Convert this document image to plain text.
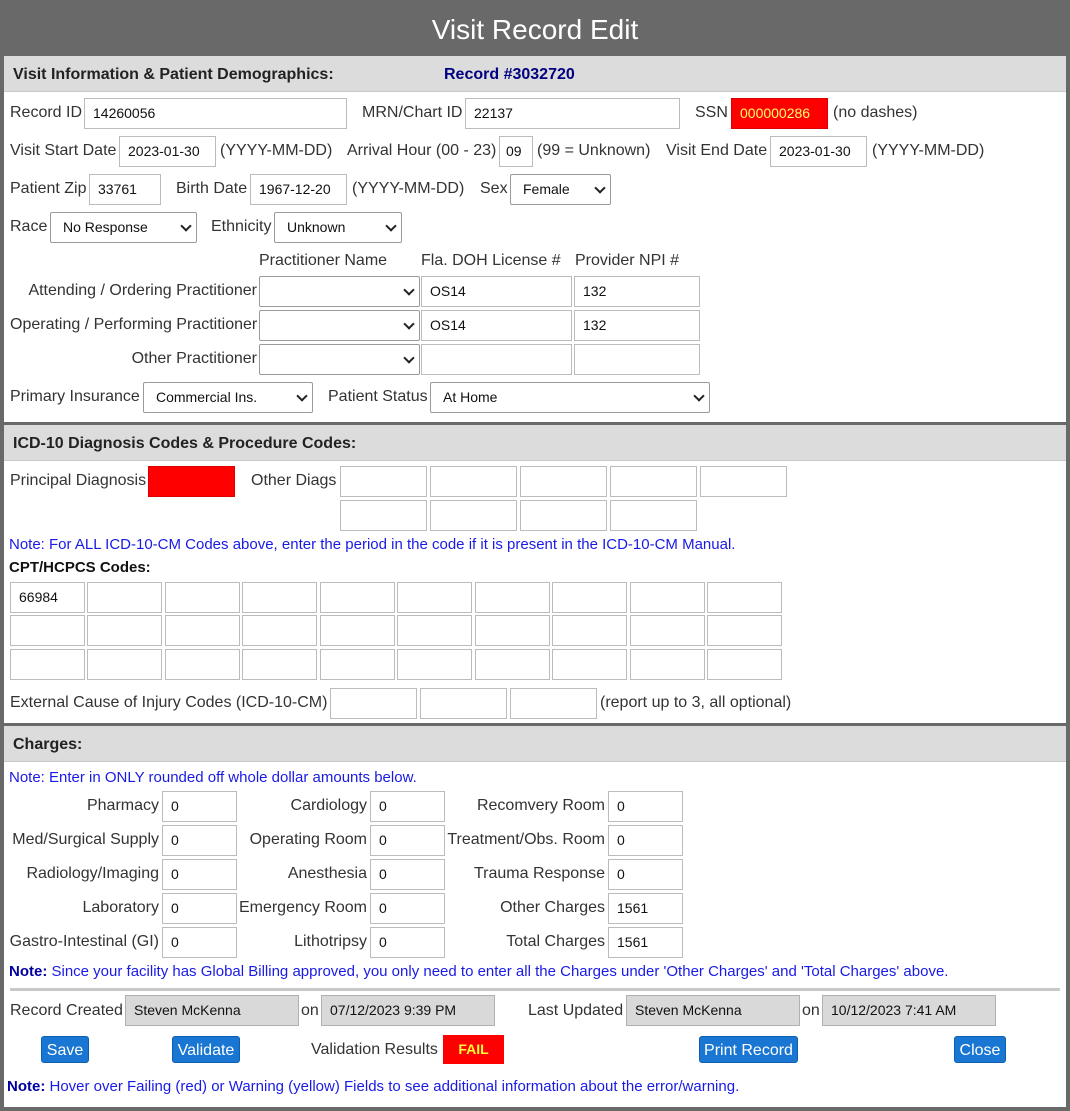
Visit Record Edit
Visit Information & Patient Demographics:	Record #3032720
Record ID 14260056	MRN/Chart ID 22137	SSN 000000286	(no dashes)
Visit Start Date 2023-01-30	(YYYY-MM-DD) Arrival Hour (00 - 23) 09 (99 = Unknown) Visit End Date 2023-01-30	(YYYY-MM-DD)
Patient Zip 33761	Birth Date 1967-12-20	(YYYY-MM-DD) Sex	Female
Race	No Response	Ethnicity	Unknown
Practitioner Name Fla. DOH License # Provider NPI #
Attending / Ordering Practitioner	OS14	132
Operating / Performing Practitioner	OS14	132
Other Practitioner
Primary Insurance	Commercial Ins.	Patient Status	At Home
ICD-10 Diagnosis Codes & Procedure Codes:
Principal Diagnosis	Other Diags
Note: For ALL ICD-10-CM Codes above, enter the period in the code if it is present in the ICD-10-CM Manual.
CPT/HCPCS Codes:
External Cause of Injury Codes (ICD-10-CM)	(report up to 3, all optional)
66984
Charges:
Note: Enter in ONLY rounded off whole dollar amounts below.
Note: Since your facility has Global Billing approved, you only need to enter all the Charges under 'Other Charges' and 'Total Charges' above.
Record Created Steven McKenna	on 07/12/2023 9:39 PM	Last Updated Steven McKenna	on 10/12/2023 7:41 AM
Save	Validate	Validation Results	FAIL	Print Record	Close
Note: Hover over Failing (red) or Warning (yellow) Fields to see additional information about the error/warning.
Pharmacy 0	Cardiology 0	Recomvery Room 0
Med/Surgical Supply 0	Operating Room 0	Treatment/Obs. Room 0
Radiology/Imaging 0	Anesthesia 0	Trauma Response 0
Laboratory 0	Emergency Room 0	Other Charges 1561
Gastro-Intestinal (GI) 0	Lithotripsy 0	Total Charges 1561
